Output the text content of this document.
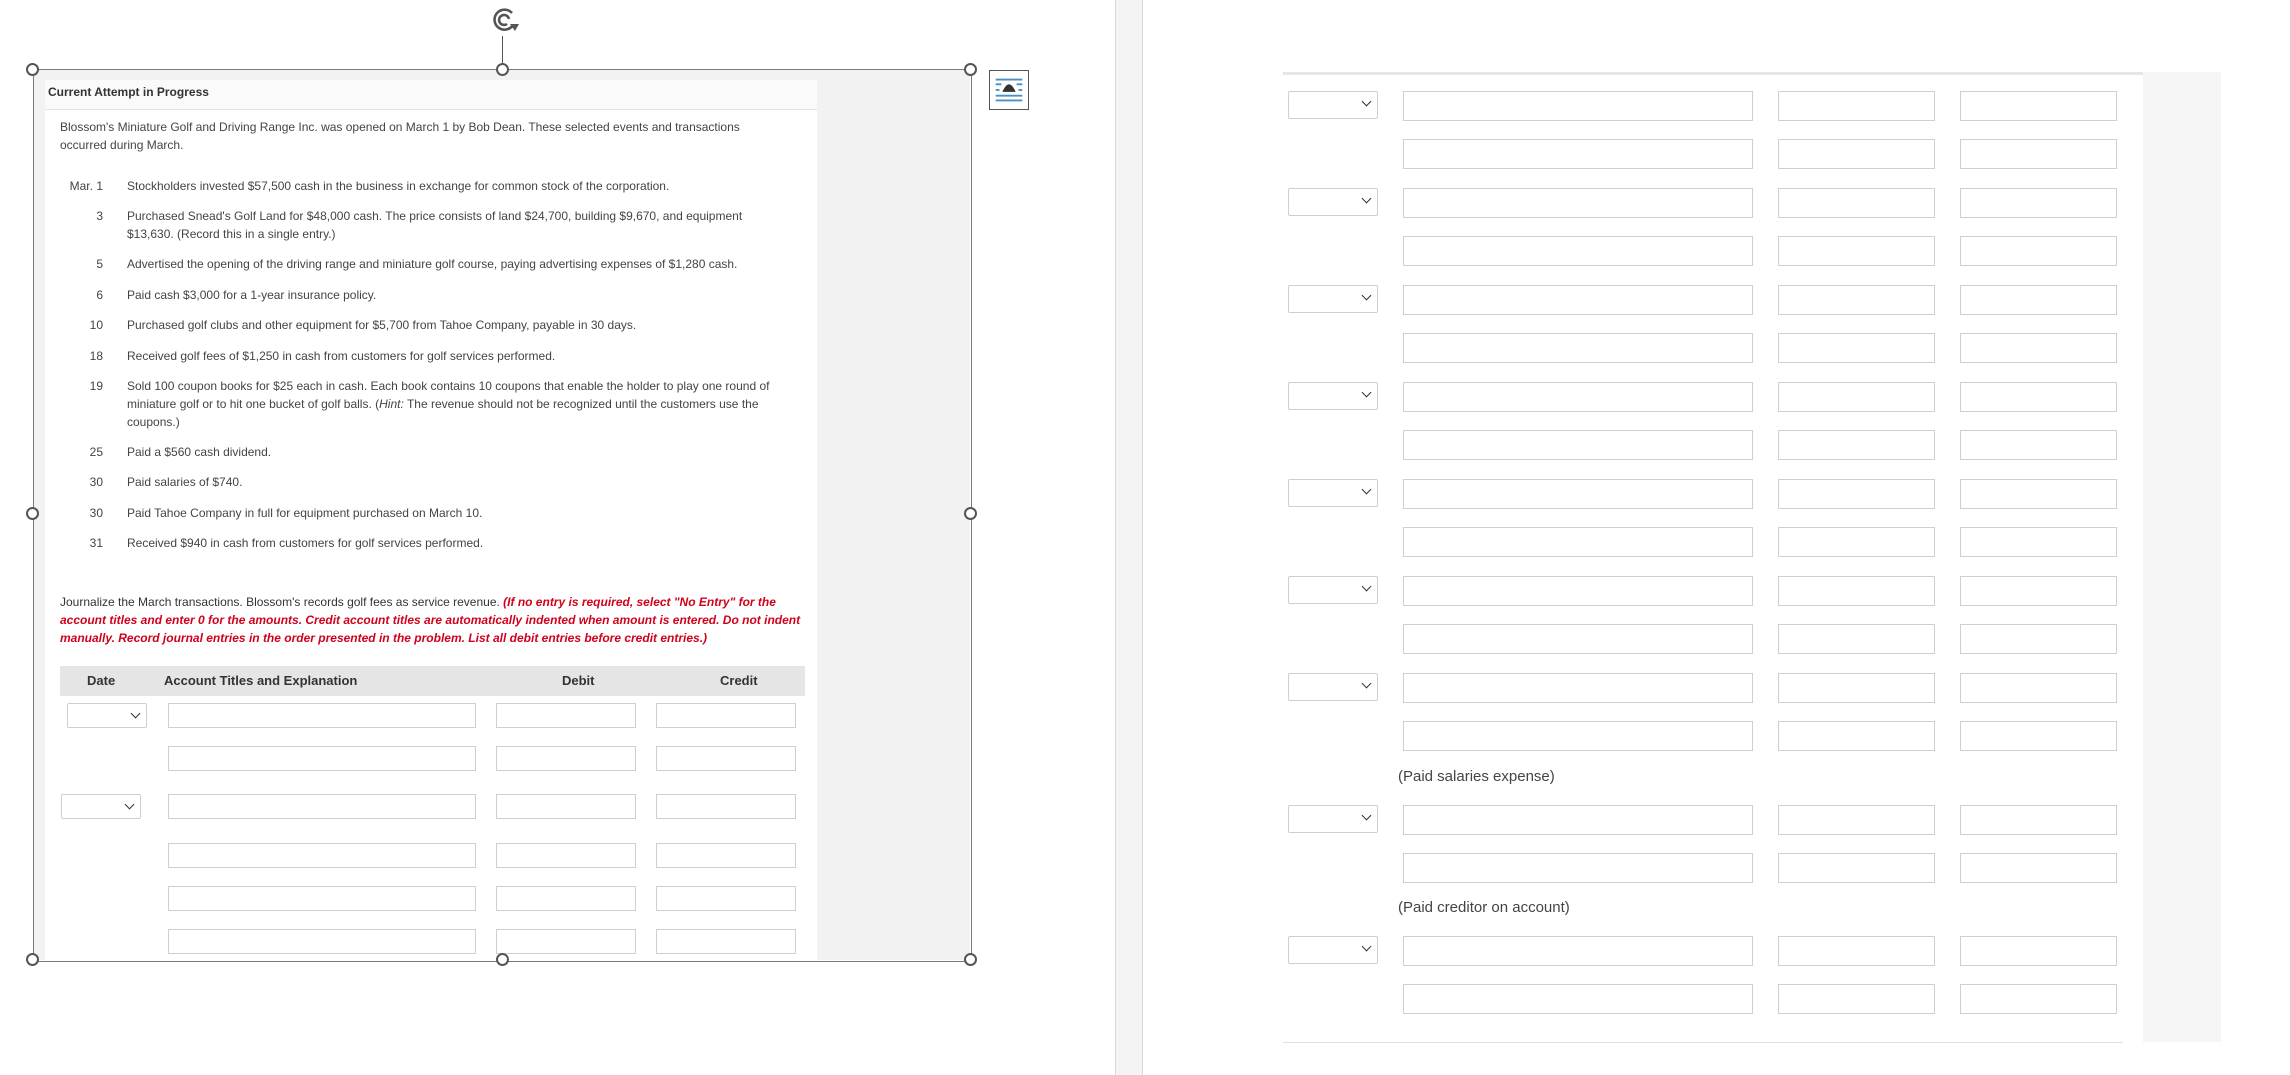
Current Attempt in Progress
Blossom's Miniature Golf and Driving Range Inc. was opened on March 1 by Bob Dean. These selected events and transactions occurred during March.
Mar. 1 Stockholders invested $57,500 cash in the business in exchange for common stock of the corporation.
3 Purchased Snead's Golf Land for $48,000 cash. The price consists of land $24,700, building $9,670, and equipment $13,630. (Record this in a single entry.)
5 Advertised the opening of the driving range and miniature golf course, paying advertising expenses of $1,280 cash.
6 Paid cash $3,000 for a 1-year insurance policy.
10 Purchased golf clubs and other equipment for $5,700 from Tahoe Company, payable in 30 days.
18 Received golf fees of $1,250 in cash from customers for golf services performed.
19 Sold 100 coupon books for $25 each in cash. Each book contains 10 coupons that enable the holder to play one round of miniature golf or to hit one bucket of golf balls. (Hint: The revenue should not be recognized until the customers use the coupons.)
25 Paid a $560 cash dividend.
30 Paid salaries of $740.
30 Paid Tahoe Company in full for equipment purchased on March 10.
31 Received $940 in cash from customers for golf services performed.
Journalize the March transactions. Blossom's records golf fees as service revenue. (If no entry is required, select "No Entry" for the account titles and enter 0 for the amounts. Credit account titles are automatically indented when amount is entered. Do not indent manually. Record journal entries in the order presented in the problem. List all debit entries before credit entries.)
Date	Account Titles and Explanation	Debit	Credit
(Paid salaries expense)
(Paid creditor on account)
